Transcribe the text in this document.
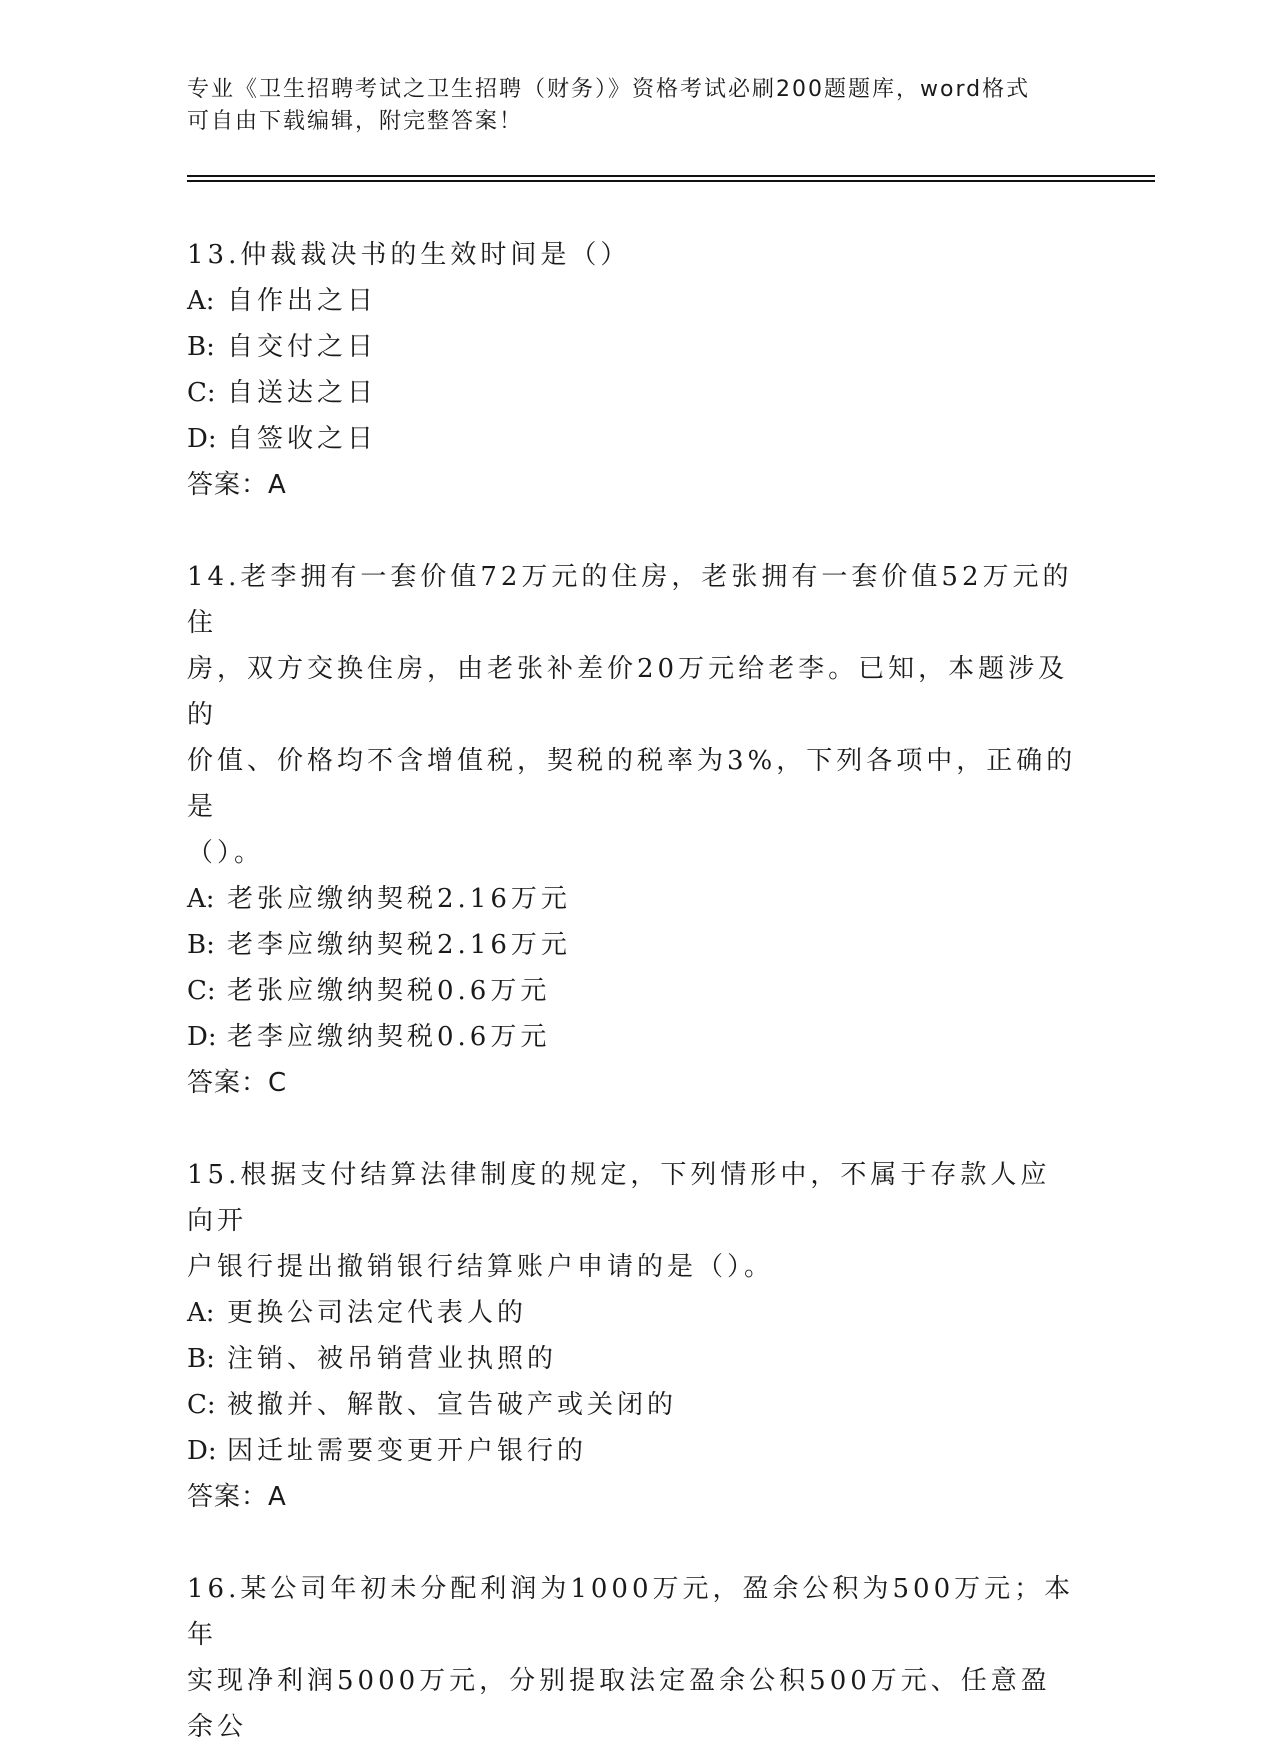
专业《卫生招聘考试之卫生招聘（财务）》资格考试必刷200题题库，word格式
可自由下载编辑，附完整答案！
13.仲裁裁决书的生效时间是（）
A: 自作出之日
B: 自交付之日
C: 自送达之日
D: 自签收之日
答案：A
14.老李拥有一套价值72万元的住房，老张拥有一套价值52万元的住
房，双方交换住房，由老张补差价20万元给老李。已知，本题涉及的
价值、价格均不含增值税，契税的税率为3%，下列各项中，正确的是
（）。
A: 老张应缴纳契税2.16万元
B: 老李应缴纳契税2.16万元
C: 老张应缴纳契税0.6万元
D: 老李应缴纳契税0.6万元
答案：C
15.根据支付结算法律制度的规定，下列情形中，不属于存款人应向开
户银行提出撤销银行结算账户申请的是（）。
A: 更换公司法定代表人的
B: 注销、被吊销营业执照的
C: 被撤并、解散、宣告破产或关闭的
D: 因迁址需要变更开户银行的
答案：A
16.某公司年初未分配利润为1000万元，盈余公积为500万元；本年
实现净利润5000万元，分别提取法定盈余公积500万元、任意盈余公
